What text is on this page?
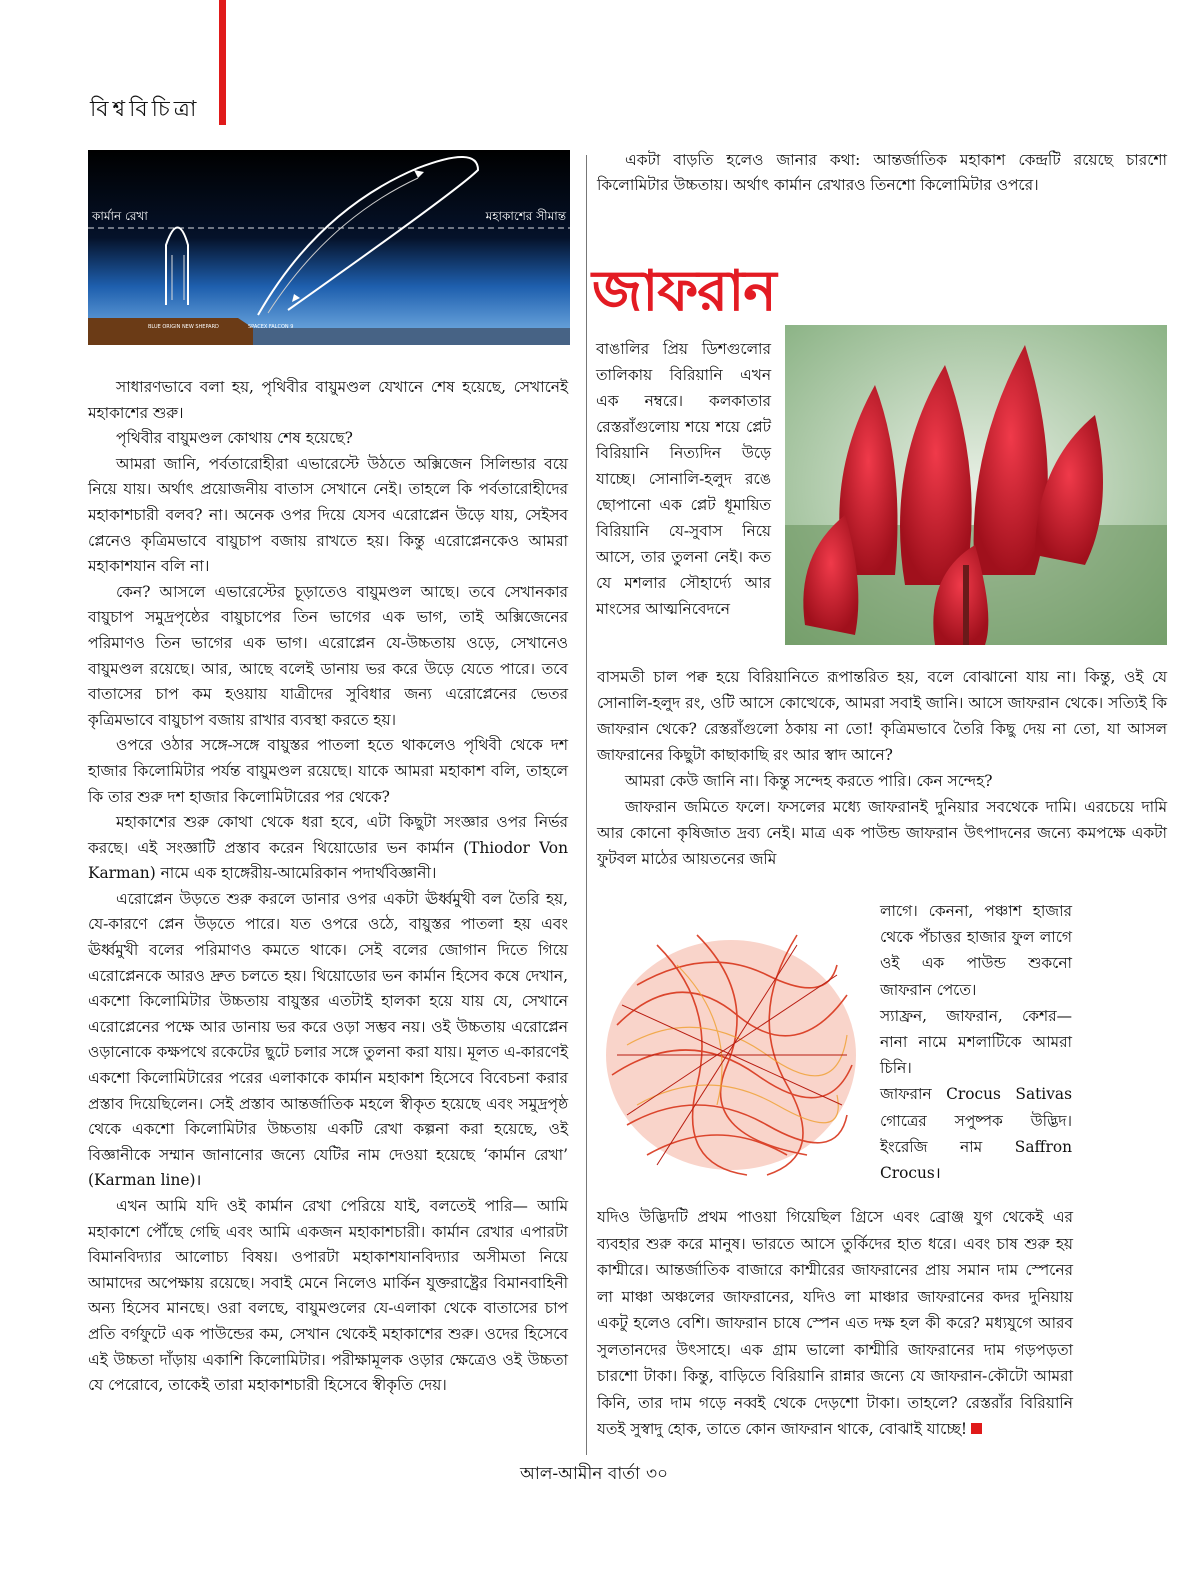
বিশ্ববিচিত্রা
কার্মান রেখা	মহাকাশের সীমান্ত
BLUE ORIGIN NEW SHEPARD	SPACEX FALCON 9

সাধারণভাবে বলা হয়, পৃথিবীর বায়ুমণ্ডল যেখানে শেষ হয়েছে, সেখানেই মহাকাশের শুরু।

পৃথিবীর বায়ুমণ্ডল কোথায় শেষ হয়েছে?

আমরা জানি, পর্বতারোহীরা এভারেস্টে উঠতে অক্সিজেন সিলিন্ডার বয়ে নিয়ে যায়। অর্থাৎ প্রয়োজনীয় বাতাস সেখানে নেই। তাহলে কি পর্বতারোহীদের মহাকাশচারী বলব? না। অনেক ওপর দিয়ে যেসব এরোপ্লেন উড়ে যায়, সেইসব প্লেনেও কৃত্রিমভাবে বায়ুচাপ বজায় রাখতে হয়। কিন্তু এরোপ্লেনকেও আমরা মহাকাশযান বলি না।

কেন? আসলে এভারেস্টের চূড়াতেও বায়ুমণ্ডল আছে। তবে সেখানকার বায়ুচাপ সমুদ্রপৃষ্ঠের বায়ুচাপের তিন ভাগের এক ভাগ, তাই অক্সিজেনের পরিমাণও তিন ভাগের এক ভাগ। এরোপ্লেন যে-উচ্চতায় ওড়ে, সেখানেও বায়ুমণ্ডল রয়েছে। আর, আছে বলেই ডানায় ভর করে উড়ে যেতে পারে। তবে বাতাসের চাপ কম হওয়ায় যাত্রীদের সুবিধার জন্য এরোপ্লেনের ভেতর কৃত্রিমভাবে বায়ুচাপ বজায় রাখার ব্যবস্থা করতে হয়।

ওপরে ওঠার সঙ্গে-সঙ্গে বায়ুস্তর পাতলা হতে থাকলেও পৃথিবী থেকে দশ হাজার কিলোমিটার পর্যন্ত বায়ুমণ্ডল রয়েছে। যাকে আমরা মহাকাশ বলি, তাহলে কি তার শুরু দশ হাজার কিলোমিটারের পর থেকে?

মহাকাশের শুরু কোথা থেকে ধরা হবে, এটা কিছুটা সংজ্ঞার ওপর নির্ভর করছে। এই সংজ্ঞাটি প্রস্তাব করেন থিয়োডোর ভন কার্মান (Thiodor Von Karman) নামে এক হাঙ্গেরীয়-আমেরিকান পদার্থবিজ্ঞানী।

এরোপ্লেন উড়তে শুরু করলে ডানার ওপর একটা ঊর্ধ্বমুখী বল তৈরি হয়, যে-কারণে প্লেন উড়তে পারে। যত ওপরে ওঠে, বায়ুস্তর পাতলা হয় এবং ঊর্ধ্বমুখী বলের পরিমাণও কমতে থাকে। সেই বলের জোগান দিতে গিয়ে এরোপ্লেনকে আরও দ্রুত চলতে হয়। থিয়োডোর ভন কার্মান হিসেব কষে দেখান, একশো কিলোমিটার উচ্চতায় বায়ুস্তর এতটাই হালকা হয়ে যায় যে, সেখানে এরোপ্লেনের পক্ষে আর ডানায় ভর করে ওড়া সম্ভব নয়। ওই উচ্চতায় এরোপ্লেন ওড়ানোকে কক্ষপথে রকেটের ছুটে চলার সঙ্গে তুলনা করা যায়। মূলত এ-কারণেই একশো কিলোমিটারের পরের এলাকাকে কার্মান মহাকাশ হিসেবে বিবেচনা করার প্রস্তাব দিয়েছিলেন। সেই প্রস্তাব আন্তর্জাতিক মহলে স্বীকৃত হয়েছে এবং সমুদ্রপৃষ্ঠ থেকে একশো কিলোমিটার উচ্চতায় একটি রেখা কল্পনা করা হয়েছে, ওই বিজ্ঞানীকে সম্মান জানানোর জন্যে যেটির নাম দেওয়া হয়েছে ‘কার্মান রেখা’ (Karman line)।

এখন আমি যদি ওই কার্মান রেখা পেরিয়ে যাই, বলতেই পারি— আমি মহাকাশে পৌঁছে গেছি এবং আমি একজন মহাকাশচারী। কার্মান রেখার এপারটা বিমানবিদ্যার আলোচ্য বিষয়। ওপারটা মহাকাশযানবিদ্যার অসীমতা নিয়ে আমাদের অপেক্ষায় রয়েছে। সবাই মেনে নিলেও মার্কিন যুক্তরাষ্ট্রের বিমানবাহিনী অন্য হিসেব মানছে। ওরা বলছে, বায়ুমণ্ডলের যে-এলাকা থেকে বাতাসের চাপ প্রতি বর্গফুটে এক পাউন্ডের কম, সেখান থেকেই মহাকাশের শুরু। ওদের হিসেবে এই উচ্চতা দাঁড়ায় একাশি কিলোমিটার। পরীক্ষামূলক ওড়ার ক্ষেত্রেও ওই উচ্চতা যে পেরোবে, তাকেই তারা মহাকাশচারী হিসেবে স্বীকৃতি দেয়।

একটা বাড়তি হলেও জানার কথা: আন্তর্জাতিক মহাকাশ কেন্দ্রটি রয়েছে চারশো কিলোমিটার উচ্চতায়। অর্থাৎ কার্মান রেখারও তিনশো কিলোমিটার ওপরে।

জাফরান

বাঙালির প্রিয় ডিশগুলোর তালিকায় বিরিয়ানি এখন এক নম্বরে। কলকাতার রেস্তরাঁগুলোয় শয়ে শয়ে প্লেট বিরিয়ানি নিত্যদিন উড়ে যাচ্ছে। সোনালি-হলুদ রঙে ছোপানো এক প্লেট ধূমায়িত বিরিয়ানি যে-সুবাস নিয়ে আসে, তার তুলনা নেই। কত যে মশলার সৌহার্দ্যে আর মাংসের আত্মনিবেদনে

বাসমতী চাল পক্ব হয়ে বিরিয়ানিতে রূপান্তরিত হয়, বলে বোঝানো যায় না। কিন্তু, ওই যে সোনালি-হলুদ রং, ওটি আসে কোত্থেকে, আমরা সবাই জানি। আসে জাফরান থেকে। সত্যিই কি জাফরান থেকে? রেস্তরাঁগুলো ঠকায় না তো! কৃত্রিমভাবে তৈরি কিছু দেয় না তো, যা আসল জাফরানের কিছুটা কাছাকাছি রং আর স্বাদ আনে?

আমরা কেউ জানি না। কিন্তু সন্দেহ করতে পারি। কেন সন্দেহ?

জাফরান জমিতে ফলে। ফসলের মধ্যে জাফরানই দুনিয়ার সবথেকে দামি। এরচেয়ে দামি আর কোনো কৃষিজাত দ্রব্য নেই। মাত্র এক পাউন্ড জাফরান উৎপাদনের জন্যে কমপক্ষে একটা ফুটবল মাঠের আয়তনের জমি

লাগে। কেননা, পঞ্চাশ হাজার থেকে পঁচাত্তর হাজার ফুল লাগে ওই এক পাউন্ড শুকনো জাফরান পেতে।

স্যাফ্রন, জাফরান, কেশর— নানা নামে মশলাটিকে আমরা চিনি।

জাফরান Crocus Sativas গোত্রের সপুষ্পক উদ্ভিদ। ইংরেজি নাম Saffron Crocus।

যদিও উদ্ভিদটি প্রথম পাওয়া গিয়েছিল গ্রিসে এবং ব্রোঞ্জ যুগ থেকেই এর ব্যবহার শুরু করে মানুষ। ভারতে আসে তুর্কিদের হাত ধরে। এবং চাষ শুরু হয় কাশ্মীরে। আন্তর্জাতিক বাজারে কাশ্মীরের জাফরানের প্রায় সমান দাম স্পেনের লা মাঞ্চা অঞ্চলের জাফরানের, যদিও লা মাঞ্চার জাফরানের কদর দুনিয়ায় একটু হলেও বেশি। জাফরান চাষে স্পেন এত দক্ষ হল কী করে? মধ্যযুগে আরব সুলতানদের উৎসাহে। এক গ্রাম ভালো কাশ্মীরি জাফরানের দাম গড়পড়তা চারশো টাকা। কিন্তু, বাড়িতে বিরিয়ানি রান্নার জন্যে যে জাফরান-কৌটো আমরা কিনি, তার দাম গড়ে নব্বই থেকে দেড়শো টাকা। তাহলে? রেস্তরাঁর বিরিয়ানি যতই সুস্বাদু হোক, তাতে কোন জাফরান থাকে, বোঝাই যাচ্ছে!

আল-আমীন বার্তা ৩০
